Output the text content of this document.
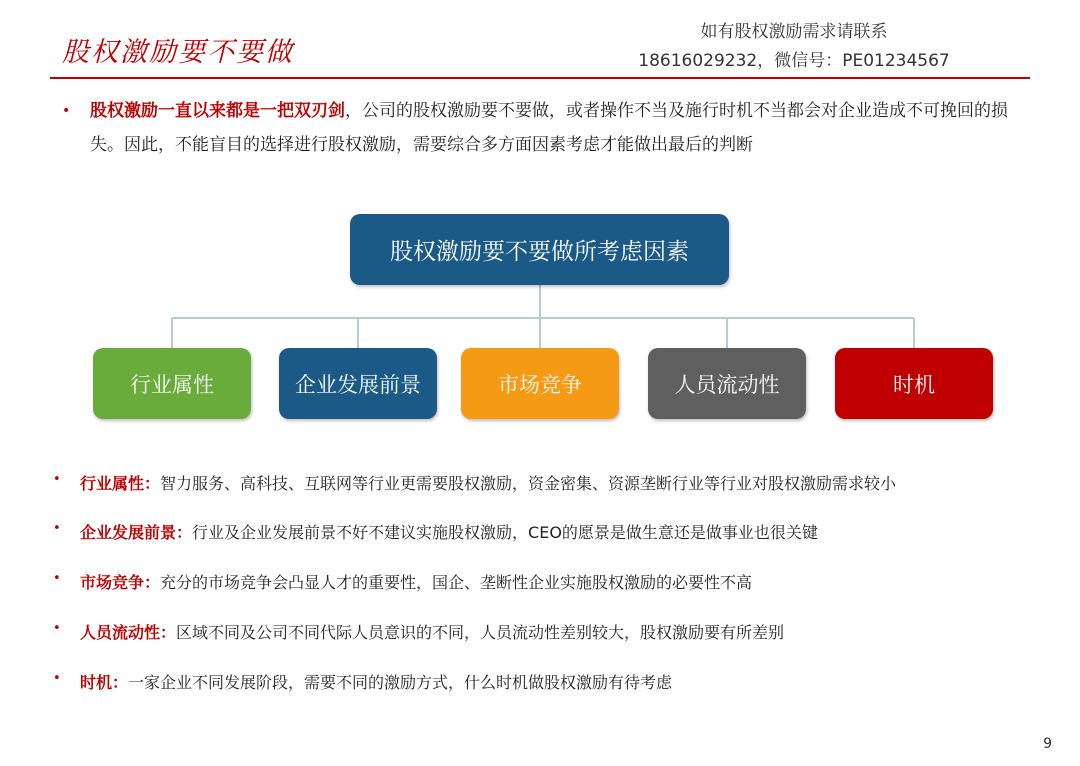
股权激励要不要做
如有股权激励需求请联系
18616029232，微信号：PE01234567
• 股权激励一直以来都是一把双刃剑，公司的股权激励要不要做，或者操作不当及施行时机不当都会对企业造成不可挽回的损失。因此，不能盲目的选择进行股权激励，需要综合多方面因素考虑才能做出最后的判断
股权激励要不要做所考虑因素
行业属性	企业发展前景	市场竞争	人员流动性	时机
• 行业属性：智力服务、高科技、互联网等行业更需要股权激励，资金密集、资源垄断行业等行业对股权激励需求较小
• 企业发展前景：行业及企业发展前景不好不建议实施股权激励，CEO的愿景是做生意还是做事业也很关键
• 市场竞争：充分的市场竞争会凸显人才的重要性，国企、垄断性企业实施股权激励的必要性不高
• 人员流动性：区域不同及公司不同代际人员意识的不同，人员流动性差别较大，股权激励要有所差别
• 时机：一家企业不同发展阶段，需要不同的激励方式，什么时机做股权激励有待考虑
9
